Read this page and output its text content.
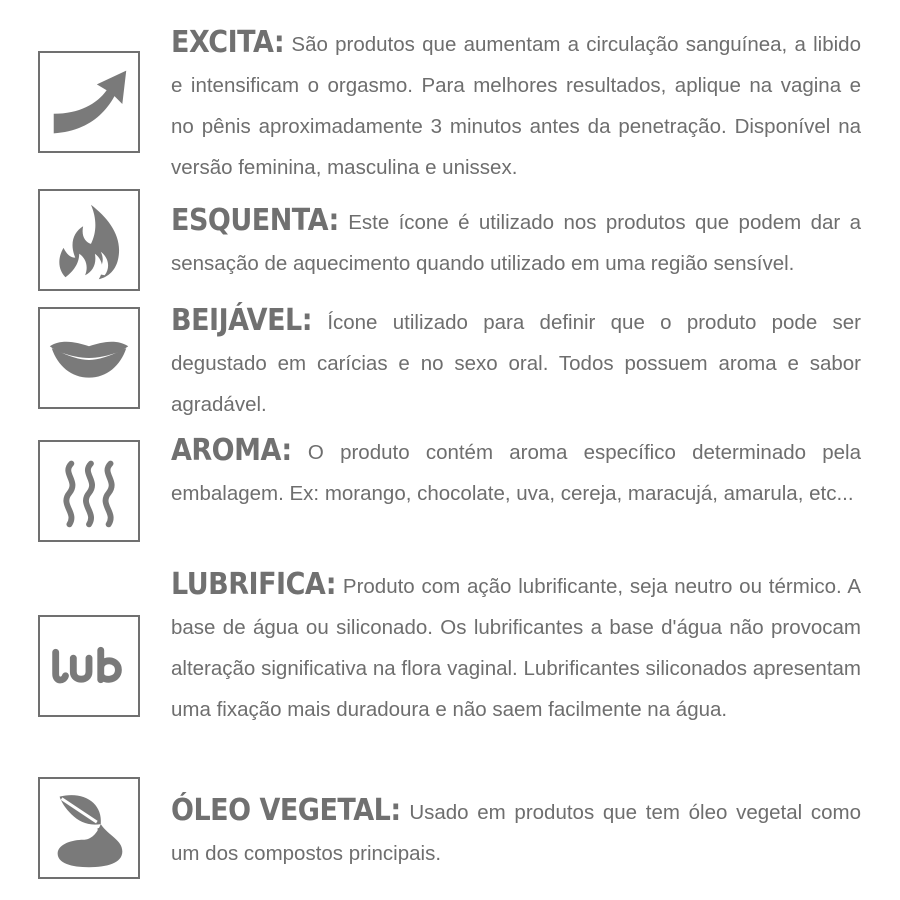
EXCITA: São produtos que aumentam a circulação sanguínea, a libido e intensificam o orgasmo. Para melhores resultados, aplique na vagina e no pênis aproximadamente 3 minutos antes da penetração. Disponível na versão feminina, masculina e unissex.

ESQUENTA: Este ícone é utilizado nos produtos que podem dar a sensação de aquecimento quando utilizado em uma região sensível.

BEIJÁVEL: Ícone utilizado para definir que o produto pode ser degustado em carícias e no sexo oral. Todos possuem aroma e sabor agradável.

AROMA: O produto contém aroma específico determinado pela embalagem. Ex: morango, chocolate, uva, cereja, maracujá, amarula, etc...

LUBRIFICA: Produto com ação lubrificante, seja neutro ou térmico. A base de água ou siliconado. Os lubrificantes a base d'água não provocam alteração significativa na flora vaginal. Lubrificantes siliconados apresentam uma fixação mais duradoura e não saem facilmente na água.

ÓLEO VEGETAL: Usado em produtos que tem óleo vegetal como um dos compostos principais.
